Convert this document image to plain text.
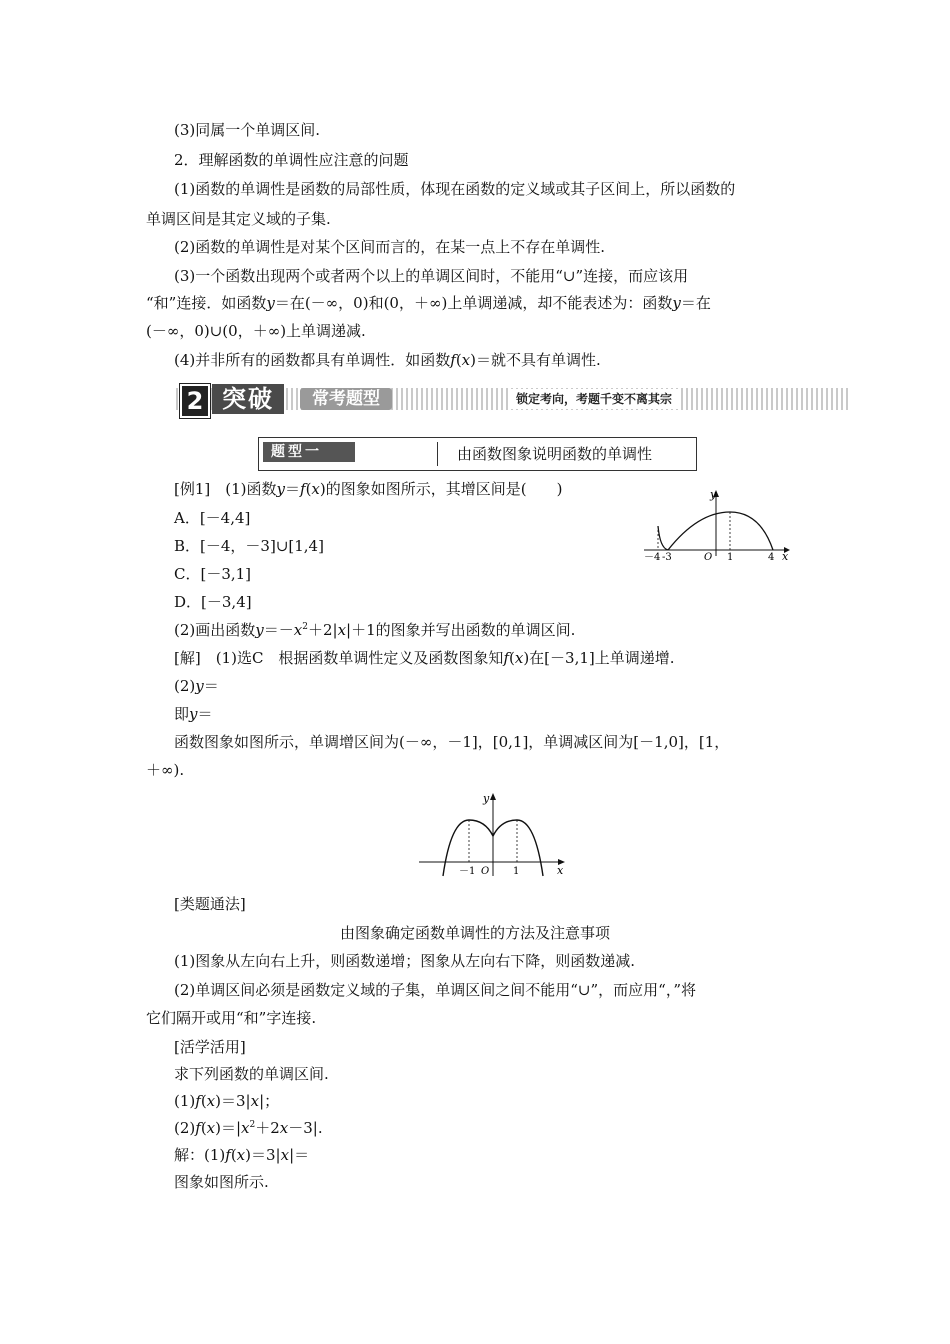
(3)同属一个单调区间.
2．理解函数的单调性应注意的问题
(1)函数的单调性是函数的局部性质，体现在函数的定义域或其子区间上，所以函数的
单调区间是其定义域的子集.
(2)函数的单调性是对某个区间而言的，在某一点上不存在单调性.
(3)一个函数出现两个或者两个以上的单调区间时，不能用“∪”连接，而应该用
“和”连接．如函数y＝在(－∞，0)和(0，＋∞)上单调递减，却不能表述为：函数y＝在
(－∞，0)∪(0，＋∞)上单调递减.
(4)并非所有的函数都具有单调性．如函数f(x)＝就不具有单调性.
2 突破	常考题型	锁定考向，考题千变不离其宗
题型一	由函数图象说明函数的单调性
[例1]　(1)函数y＝f(x)的图象如图所示，其增区间是(　　)
A．[－4,4]
B．[－4，－3]∪[1,4]
C．[－3,1]
D．[－3,4]
y
x
－4 -3	O 1	4
(2)画出函数$y=-x^2+2|x|+1$的图象并写出函数的单调区间.
[解]　(1)选C　根据函数单调性定义及函数图象知f(x)在[－3,1]上单调递增.
(2)y＝
即y＝
函数图象如图所示，单调增区间为(－∞，－1]，[0,1]，单调减区间为[－1,0]，[1，
＋∞).
y
x
－1 O 1
[类题通法]
由图象确定函数单调性的方法及注意事项
(1)图象从左向右上升，则函数递增；图象从左向右下降，则函数递减.
(2)单调区间必须是函数定义域的子集，单调区间之间不能用“∪”，而应用“，”将
它们隔开或用“和”字连接.
[活学活用]
求下列函数的单调区间.
(1)f(x)＝3|x|；
$(2)f(x)=|x^2+2x-3|$.
解：(1)f(x)＝3|x|＝
图象如图所示.
